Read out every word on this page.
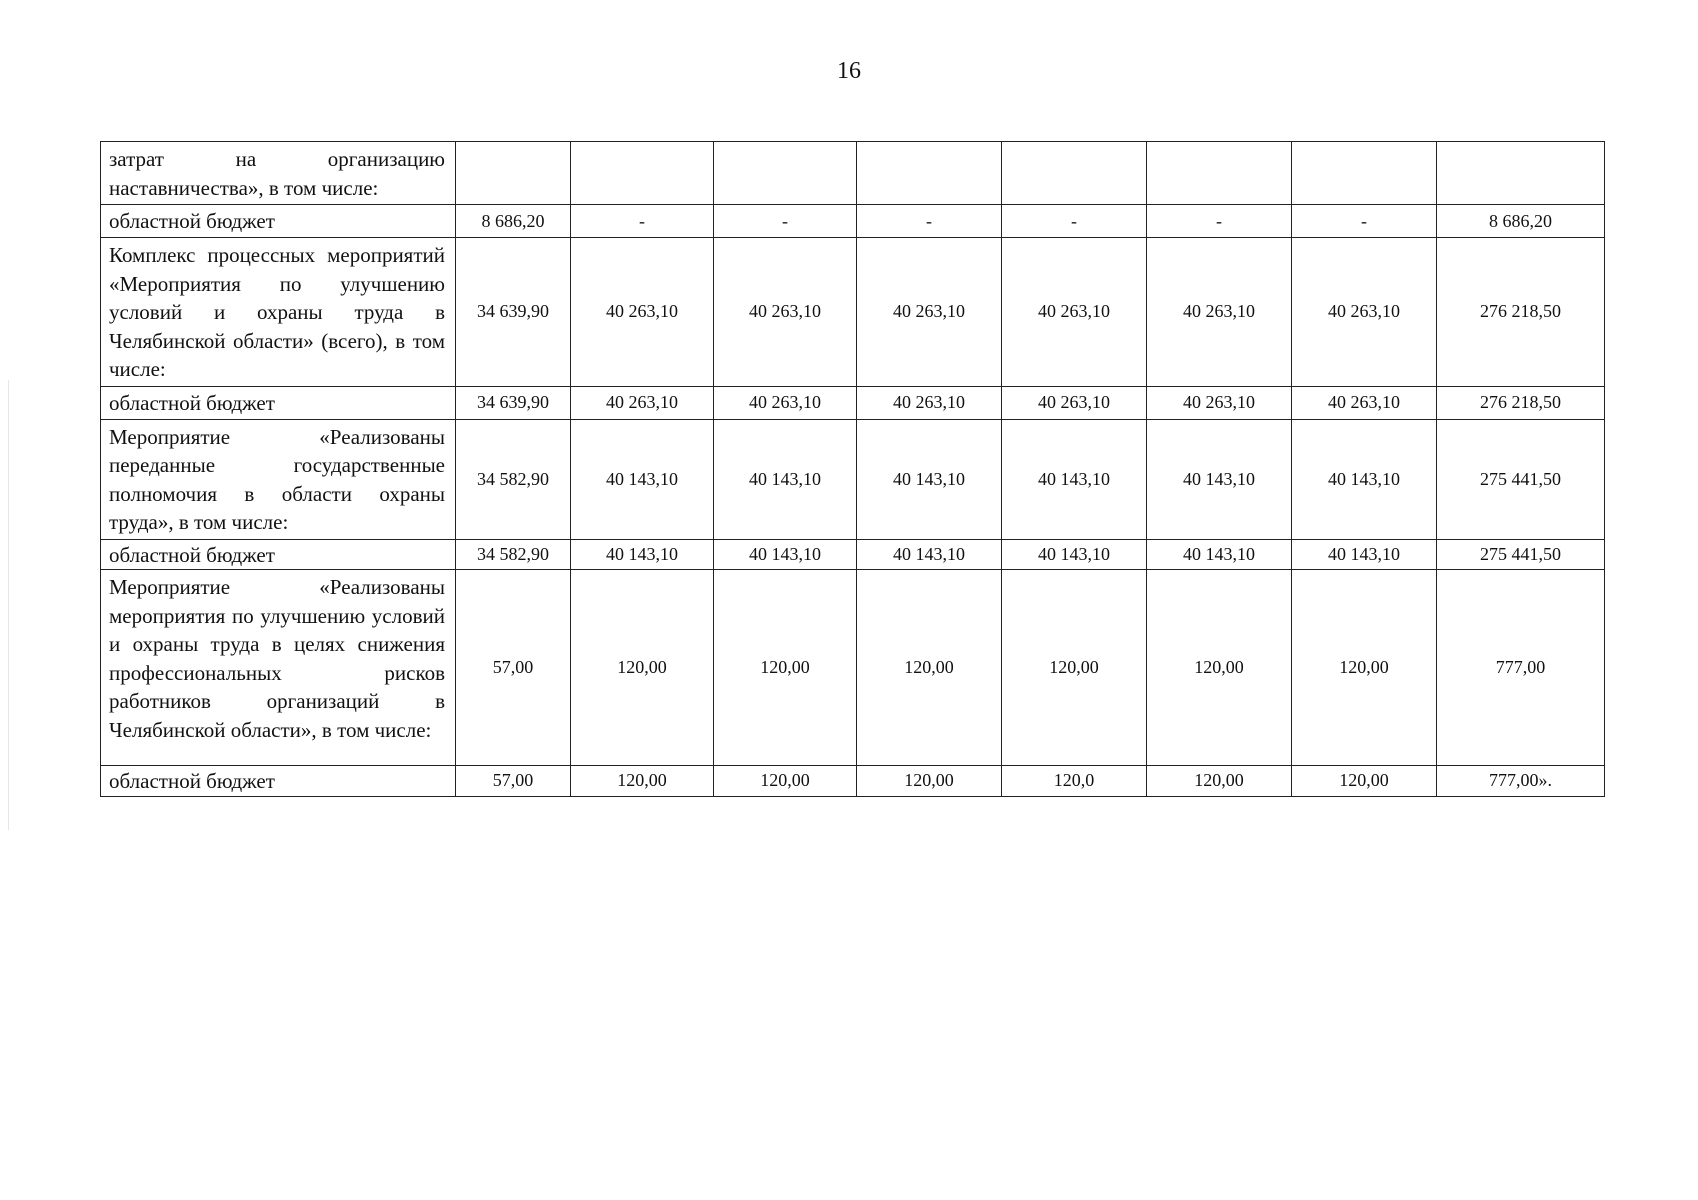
16
затрат на организацию наставничества», в том числе:								
областной бюджет	8 686,20	-	-	-	-	-	-	8 686,20
Комплекс процессных мероприятий «Мероприятия по улучшению условий и охраны труда в Челябинской области» (всего), в том числе:	34 639,90	40 263,10	40 263,10	40 263,10	40 263,10	40 263,10	40 263,10	276 218,50
областной бюджет	34 639,90	40 263,10	40 263,10	40 263,10	40 263,10	40 263,10	40 263,10	276 218,50
Мероприятие «Реализованы переданные государственные полномочия в области охраны труда», в том числе:	34 582,90	40 143,10	40 143,10	40 143,10	40 143,10	40 143,10	40 143,10	275 441,50
областной бюджет	34 582,90	40 143,10	40 143,10	40 143,10	40 143,10	40 143,10	40 143,10	275 441,50
Мероприятие «Реализованы мероприятия по улучшению условий и охраны труда в целях снижения профессиональных рисков работников организаций в Челябинской области», в том числе:	57,00	120,00	120,00	120,00	120,00	120,00	120,00	777,00
областной бюджет	57,00	120,00	120,00	120,00	120,0	120,00	120,00	777,00».
